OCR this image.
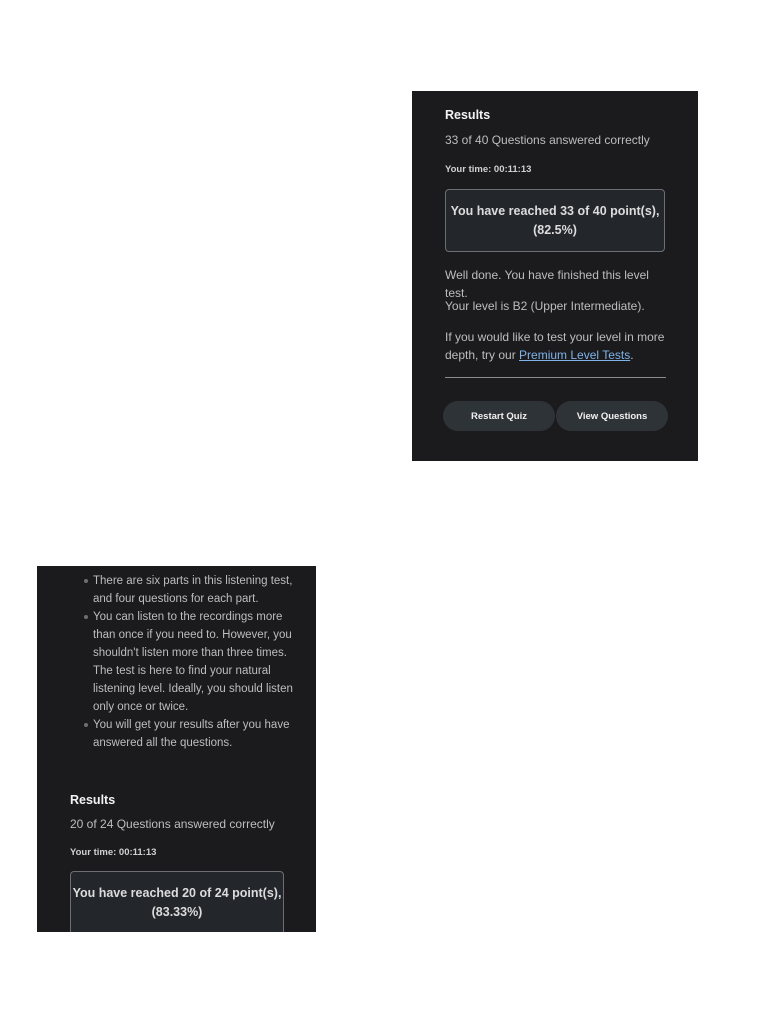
Results
33 of 40 Questions answered correctly
Your time: 00:11:13
You have reached 33 of 40 point(s),
(82.5%)
Well done. You have finished this level test.
Your level is B2 (Upper Intermediate).
If you would like to test your level in more depth, try our Premium Level Tests.
Restart Quiz	View Questions
There are six parts in this listening test, and four questions for each part.
You can listen to the recordings more than once if you need to. However, you shouldn't listen more than three times. The test is here to find your natural listening level. Ideally, you should listen only once or twice.
You will get your results after you have answered all the questions.
Results
20 of 24 Questions answered correctly
Your time: 00:11:13
You have reached 20 of 24 point(s),
(83.33%)
